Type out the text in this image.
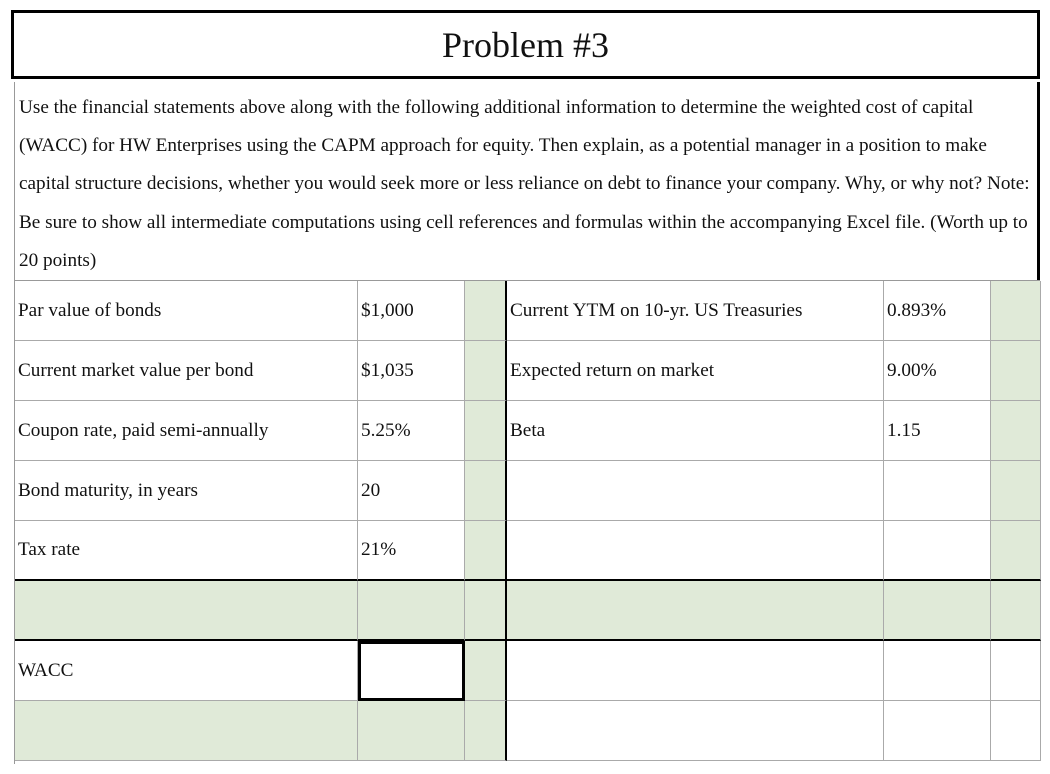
Problem #3
Use the financial statements above along with the following additional information to determine the weighted cost of capital (WACC) for HW Enterprises using the CAPM approach for equity. Then explain, as a potential manager in a position to make capital structure decisions, whether you would seek more or less reliance on debt to finance your company. Why, or why not? Note: Be sure to show all intermediate computations using cell references and formulas within the accompanying Excel file. (Worth up to 20 points)
Par value of bonds	$1,000	Current YTM on 10-yr. US Treasuries	0.893%
Current market value per bond	$1,035	Expected return on market	9.00%
Coupon rate, paid semi-annually	5.25%	Beta	1.15
Bond maturity, in years	20
Tax rate	21%
WACC
